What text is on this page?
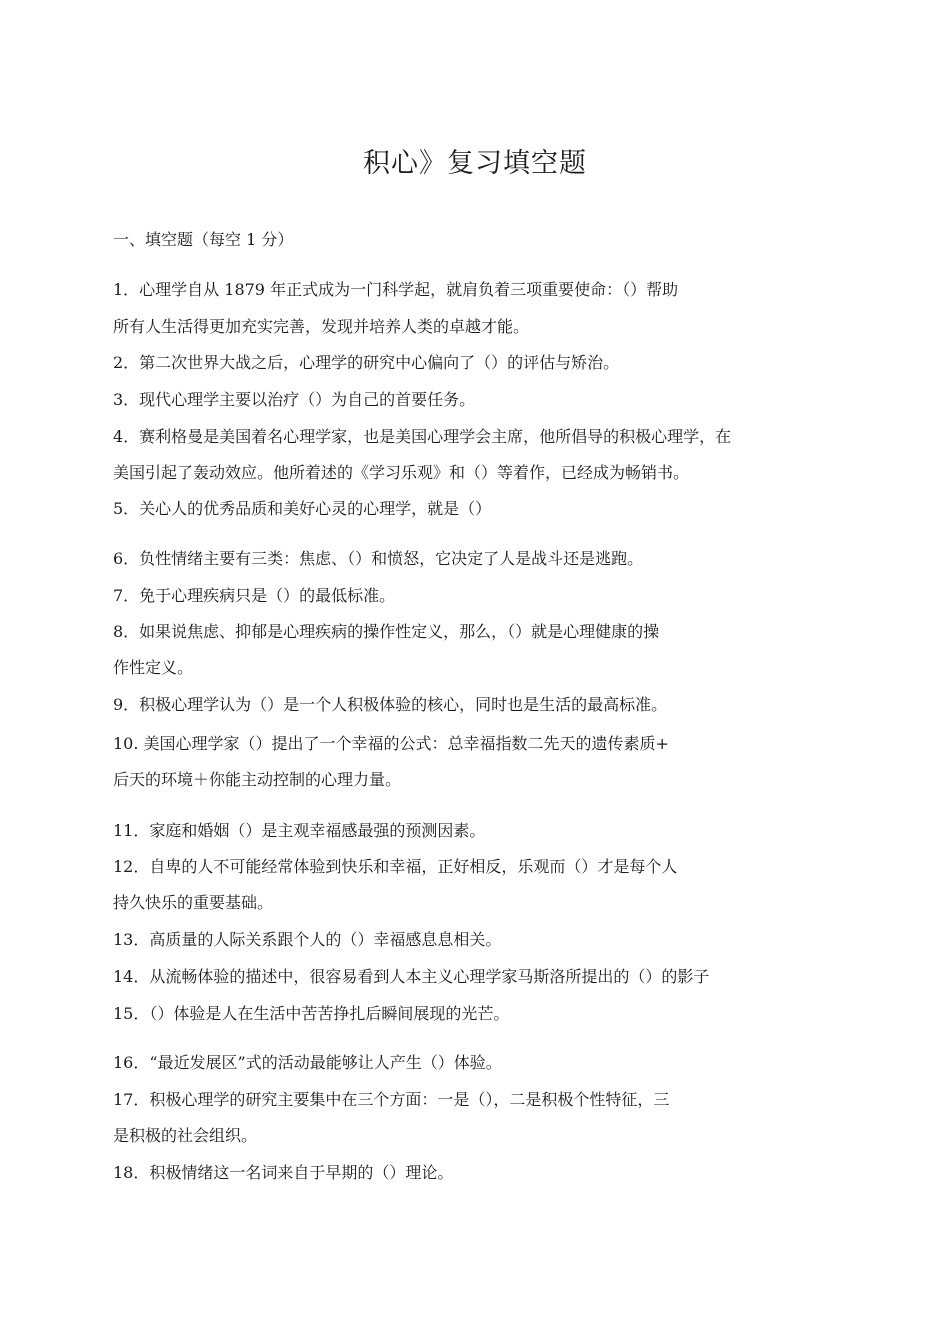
积心》复习填空题
一、填空题（每空 1 分）
1．心理学自从 1879 年正式成为一门科学起，就肩负着三项重要使命：（）帮助
所有人生活得更加充实完善，发现并培养人类的卓越才能。
2．第二次世界大战之后，心理学的研究中心偏向了（）的评估与矫治。
3．现代心理学主要以治疗（）为自己的首要任务。
4．赛利格曼是美国着名心理学家，也是美国心理学会主席，他所倡导的积极心理学，在
美国引起了轰动效应。他所着述的《学习乐观》和（）等着作，已经成为畅销书。
5．关心人的优秀品质和美好心灵的心理学，就是（）
6．负性情绪主要有三类：焦虑、（）和愤怒，它决定了人是战斗还是逃跑。
7．免于心理疾病只是（）的最低标准。
8．如果说焦虑、抑郁是心理疾病的操作性定义，那么，（）就是心理健康的操
作性定义。
9．积极心理学认为（）是一个人积极体验的核心，同时也是生活的最高标准。
10. 美国心理学家（）提出了一个幸福的公式：总幸福指数二先天的遗传素质+
后天的环境＋你能主动控制的心理力量。
11．家庭和婚姻（）是主观幸福感最强的预测因素。
12．自卑的人不可能经常体验到快乐和幸福，正好相反，乐观而（）才是每个人
持久快乐的重要基础。
13．高质量的人际关系跟个人的（）幸福感息息相关。
14．从流畅体验的描述中，很容易看到人本主义心理学家马斯洛所提出的（）的影子
15．（）体验是人在生活中苦苦挣扎后瞬间展现的光芒。
16．“最近发展区”式的活动最能够让人产生（）体验。
17．积极心理学的研究主要集中在三个方面：一是（），二是积极个性特征，三
是积极的社会组织。
18．积极情绪这一名词来自于早期的（）理论。
